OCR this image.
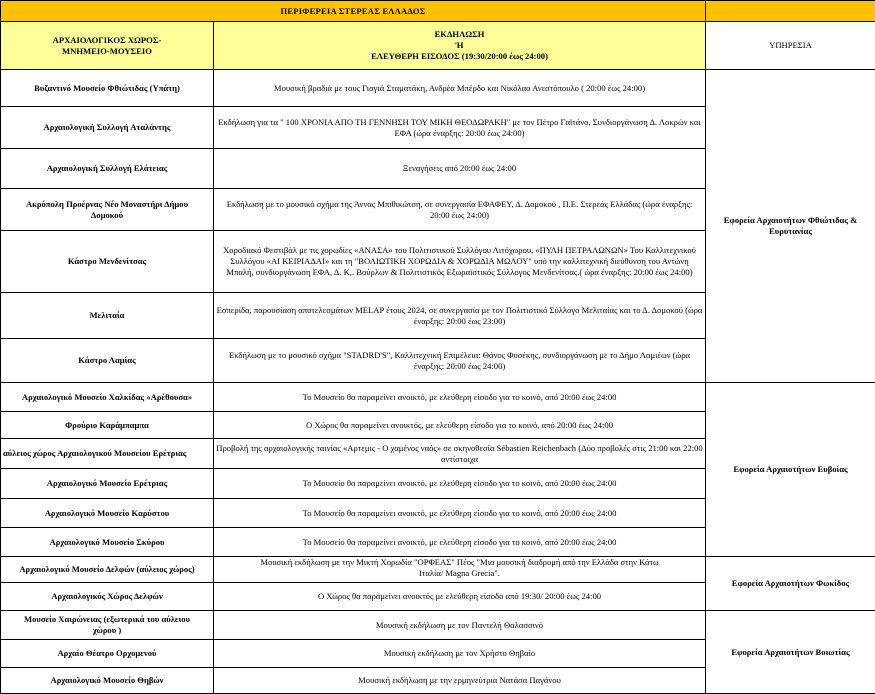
ΠΕΡΙΦΕΡΕΙΑ ΣΤΕΡΕΑΣ ΕΛΛΑΔΟΣ		

ΑΡΧΑΙΟΛΟΓΙΚΟΣ ΧΩΡΟΣ-
ΜΝΗΜΕΙΟ-ΜΟΥΣΕΙΟ	ΕΚΔΗΛΩΣΗ
Ή
ΕΛΕΥΘΕΡΗ ΕΙΣΟΔΟΣ (19:30/20:00 έως 24:00)	ΥΠΗΡΕΣΙΑ
Βυζαντινό Μουσείο Φθιώτιδας (Υπάτη)	Μουσική βραδιά με τους Γιαγιά Σταματάκη, Ανδρέα Μπέρδο και Νικόλαο Ανεστόπουλο ( 20:00 έως 24:00)	Εφορεία Αρχαιοτήτων Φθιώτιδας & Ευρυτανίας
Αρχαιολογική Συλλογή Αταλάντης	Εκδήλωση για τα " 100 ΧΡΟΝΙΑ ΑΠΟ ΤΗ ΓΕΝΝΗΣΗ ΤΟΥ ΜΙΚΗ ΘΕΟΔΩΡΑΚΗ" με τον Πέτρο Γαϊτάνο, Συνδιοργάνωση Δ. Λοκρών και ΕΦΑ (ώρα έναρξης: 20:00 έως 24:00)	
Αρχαιολογική Συλλογή Ελάτειας	Ξεναγήσεις από 20:00 έως 24:00	

Ακρόπολη Προέρνας Νέο Μοναστήρι Δήμου
Δομοκού	Εκδήλωση με το μουσικό σχήμα της Άννας Μπιθικώτση, σε συνεργασία ΕΦΑΦΕΥ, Δ. Δομοκού , Π.Ε. Στερεάς Ελλάδας (ώρα έναρξης: 20:00 έως 24:00)	
Κάστρο Μενδενίτσας	Χοροδιακό Φεστιβάλ με τις χορωδίες «ΑΝΑΣΑ» του Πολιτιστικού Συλλόγου Λιτόχωρου, «ΠΥΛΗ ΠΕΤΡΑΛΩΝΩΝ» Του Καλλιτεχνικού Συλλόγου «ΑΙ ΚΕΙΡΙΑΔΑΙ» και τη "ΒΟΛΙΩΤΙΚΗ ΧΟΡΩΔΙΑ & ΧΟΡΩΔΙΑ ΜΩΛΟΥ" υπό την καλλιτεχνική διεύθυνση του Αντώνη Μπαλή, συνδιοργάνωση ΕΦΑ, Δ. Κ,. Βούρλων & Πολιτιστικός Εξωραϊστικός Σύλλογος Μενδενίτσας.( ώρα έναρξης: 20:00 έως 24:00)	
Μελιταία	Εσπερίδα, παρουσίαση αποτελεσμάτων MELAP έτους 2024, σε συνεργασία με τον Πολιτιστικό Σύλλογο Μελιταίας και το Δ. Δομοκού (ώρα έναρξης: 20:00 έως 23:00)	
Κάστρο Λαμίας	Εκδήλωση με το μουσικό σχήμα "STADRD'S", Καλλιτεχνική Επιμέλεια: Θάνος Φυσέκης, συνδιοργάνωση με το Δήμο Λαμιέων (ώρα έναρξης: 20:00 έως 24:00)	
Αρχαιολογικό Μουσείο Χαλκίδας «Αρέθουσα»	Το Μουσείο θα παραμείνει ανοικτό, με ελεύθερη είσοδο για το κοινό, από 20:00 έως 24:00	Εφορεία Αρχαιοτήτων Ευβοίας
Φρούριο Καράμπαμπα	Ο Χώρος θα παραμείνει ανοικτός, με ελεύθερη είσοδο για το κοινό, από 20:00 έως 24:00	
αύλειος χώρος Αρχαιολογικού Μουσείου Ερέτριας	Προβολή της αρχαιολογικής ταινίας «Αρτεμις - Ο χαμένος ναός» σε σκηνοθεσία Sébastien Reichenbach (Δύο προβολές στις 21:00 και 22:00 αντίστοιχα	
Αρχαιολογικό Μουσείο Ερέτριας	Το Μουσείο θα παραμείνει ανοικτό, με ελεύθερη είσοδο για το κοινό, από 20:00 έως 24:00	
Αρχαιολογικό Μουσείο Καρύστου	Το Μουσείο θα παραμείνει ανοικτό, με ελεύθερη είσοδο για το κοινό, από 20:00 έως 24:00	
Αρχαιολογικό Μουσείο Σκύρου	Το Μουσείο θα παραμείνει ανοικτό, με ελεύθερη είσοδο για το κοινό, από 20:00 έως 24:00	
Αρχαιολογικό Μουσείο Δελφών (αύλειος χώρος)	Μουσική εκδήλωση με την Μικτή Χορωδία "ΟΡΦΕΑΣ" Πέος "Μια μουσική διαδρομή από την Ελλάδα στην Κάτω
Ιταλία/ Magna Grecia".	Εφορεία Αρχαιοτήτων Φωκίδος
Αρχαιολογικός Χώρος Δελφών	Ο Χώρος θα παραμείνει ανοικτός με ελεύθερη είσοδο από 19:30/ 20:00 έως 24:00	

Μουσείο Χαιρώνειας (εξωτερικά του αύλειου
χώρου )	Μουσική εκδήλωση με τον Παντελή Θαλασσινό	Εφορεία Αρχαιοτήτων Βοιωτίας
Αρχαίο Θέατρο Ορχομενού	Μουσική εκδήλωση με τον Χρήστο Θηβαίο	
Αρχαιολογικό Μουσείο Θηβών	Μουσική εκδήλωση με την ερμηνεύτρια Νατάσα Παγάνου	
